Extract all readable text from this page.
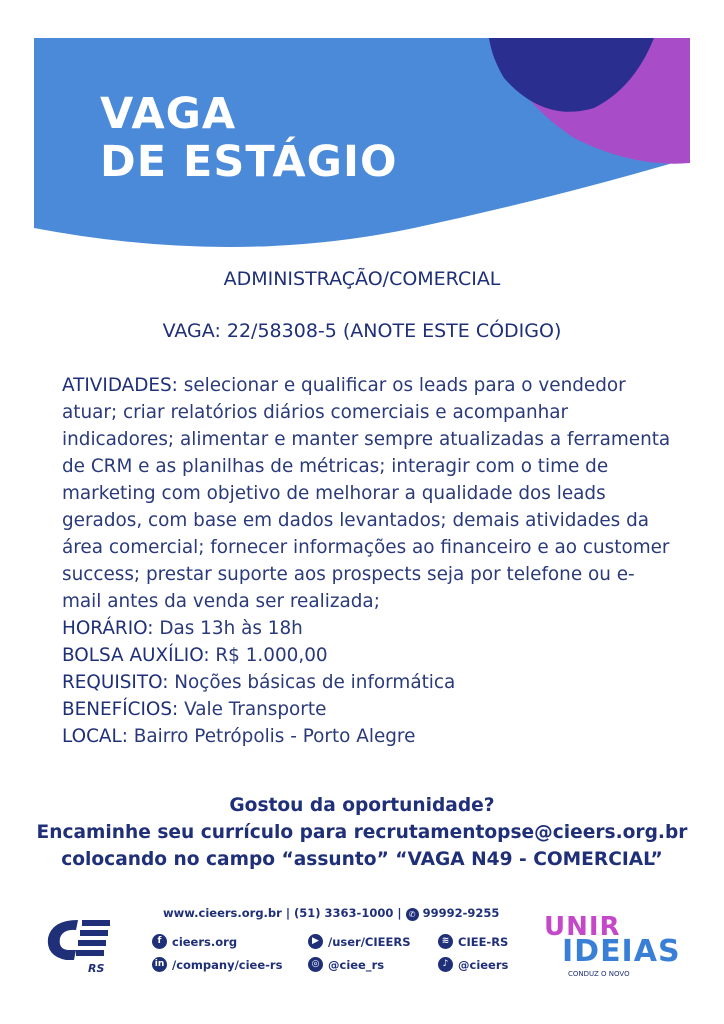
VAGA
DE ESTÁGIO
ADMINISTRAÇÃO/COMERCIAL
VAGA: 22/58308-5 (ANOTE ESTE CÓDIGO)
ATIVIDADES: selecionar e qualificar os leads para o vendedor atuar; criar relatórios diários comerciais e acompanhar indicadores; alimentar e manter sempre atualizadas a ferramenta de CRM e as planilhas de métricas; interagir com o time de marketing com objetivo de melhorar a qualidade dos leads gerados, com base em dados levantados; demais atividades da área comercial; fornecer informações ao financeiro e ao customer success; prestar suporte aos prospects seja por telefone ou e-mail antes da venda ser realizada;
HORÁRIO: Das 13h às 18h
BOLSA AUXÍLIO: R$ 1.000,00
REQUISITO: Noções básicas de informática
BENEFÍCIOS: Vale Transporte
LOCAL: Bairro Petrópolis - Porto Alegre
Gostou da oportunidade?
Encaminhe seu currículo para recrutamentopse@cieers.org.br
colocando no campo “assunto” “VAGA N49 - COMERCIAL”
RS
www.cieers.org.br | (51) 3363-1000 | ✆ 99992-9255
f cieers.org	▶ /user/CIEERS	≋ CIEE-RS
in /company/ciee-rs	◎ @ciee_rs	♪ @cieers
UNIR
IDEIAS
CONDUZ O NOVO
